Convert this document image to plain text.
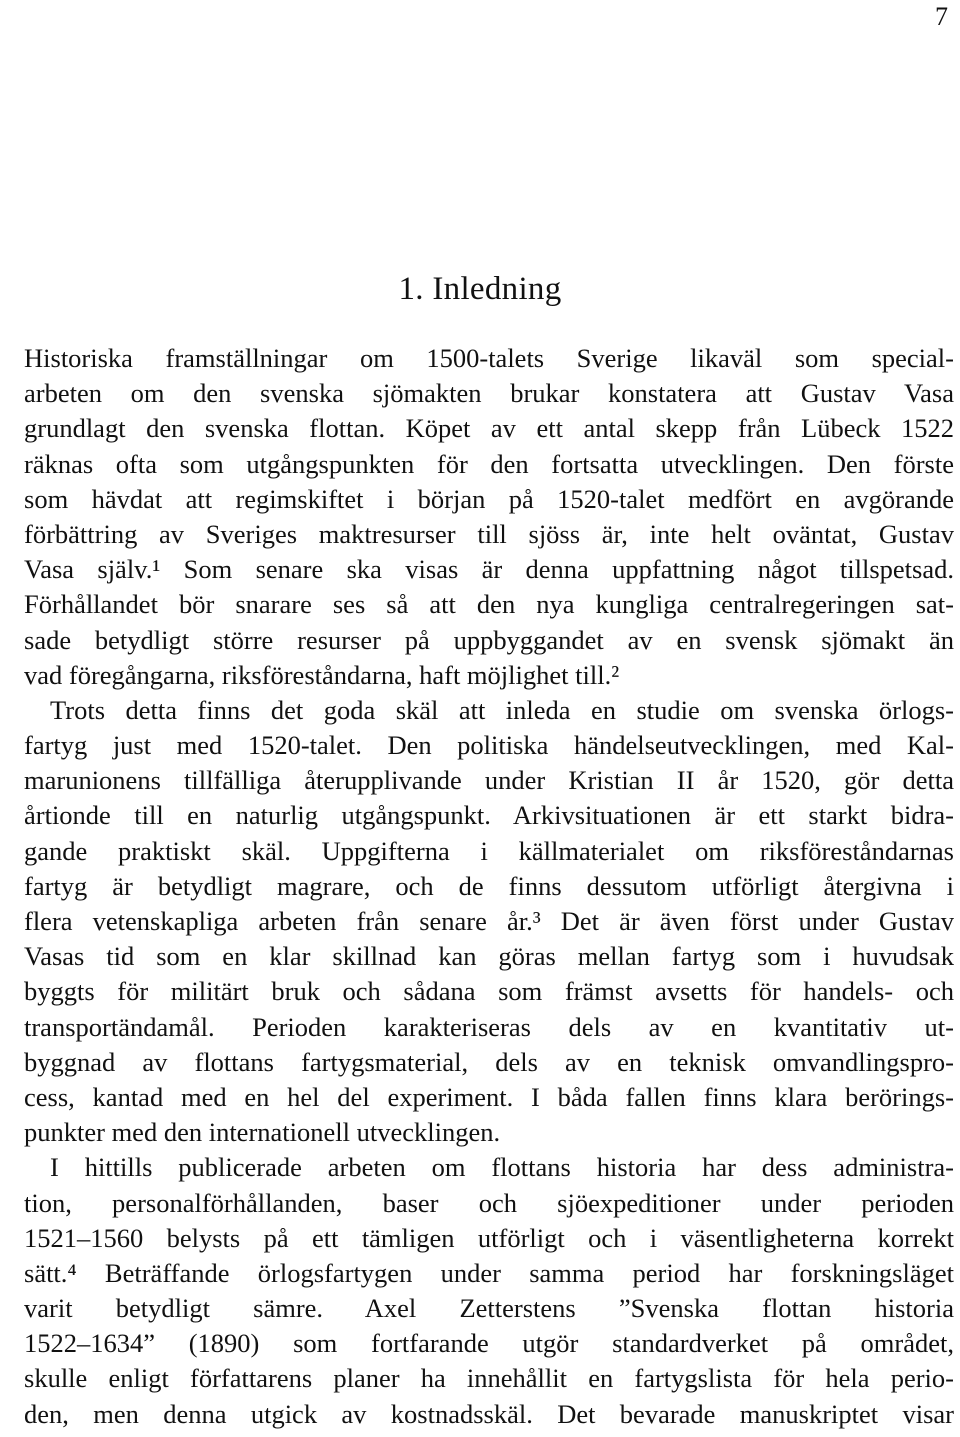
7
1. Inledning
Historiska framställningar om 1500-talets Sverige likaväl som special-
arbeten om den svenska sjömakten brukar konstatera att Gustav Vasa
grundlagt den svenska flottan. Köpet av ett antal skepp från Lübeck 1522
räknas ofta som utgångspunkten för den fortsatta utvecklingen. Den förste
som hävdat att regimskiftet i början på 1520-talet medfört en avgörande
förbättring av Sveriges maktresurser till sjöss är, inte helt oväntat, Gustav
Vasa själv.¹ Som senare ska visas är denna uppfattning något tillspetsad.
Förhållandet bör snarare ses så att den nya kungliga centralregeringen sat-
sade betydligt större resurser på uppbyggandet av en svensk sjömakt än
vad föregångarna, riksföreståndarna, haft möjlighet till.²
Trots detta finns det goda skäl att inleda en studie om svenska örlogs-
fartyg just med 1520-talet. Den politiska händelseutvecklingen, med Kal-
marunionens tillfälliga återupplivande under Kristian II år 1520, gör detta
årtionde till en naturlig utgångspunkt. Arkivsituationen är ett starkt bidra-
gande praktiskt skäl. Uppgifterna i källmaterialet om riksföreståndarnas
fartyg är betydligt magrare, och de finns dessutom utförligt återgivna i
flera vetenskapliga arbeten från senare år.³ Det är även först under Gustav
Vasas tid som en klar skillnad kan göras mellan fartyg som i huvudsak
byggts för militärt bruk och sådana som främst avsetts för handels- och
transportändamål. Perioden karakteriseras dels av en kvantitativ ut-
byggnad av flottans fartygsmaterial, dels av en teknisk omvandlingspro-
cess, kantad med en hel del experiment. I båda fallen finns klara berörings-
punkter med den internationell utvecklingen.
I hittills publicerade arbeten om flottans historia har dess administra-
tion, personalförhållanden, baser och sjöexpeditioner under perioden
1521–1560 belysts på ett tämligen utförligt och i väsentligheterna korrekt
sätt.⁴ Beträffande örlogsfartygen under samma period har forskningsläget
varit betydligt sämre. Axel Zetterstens ”Svenska flottan historia
1522–1634” (1890) som fortfarande utgör standardverket på området,
skulle enligt författarens planer ha innehållit en fartygslista för hela perio-
den, men denna utgick av kostnadsskäl. Det bevarade manuskriptet visar
